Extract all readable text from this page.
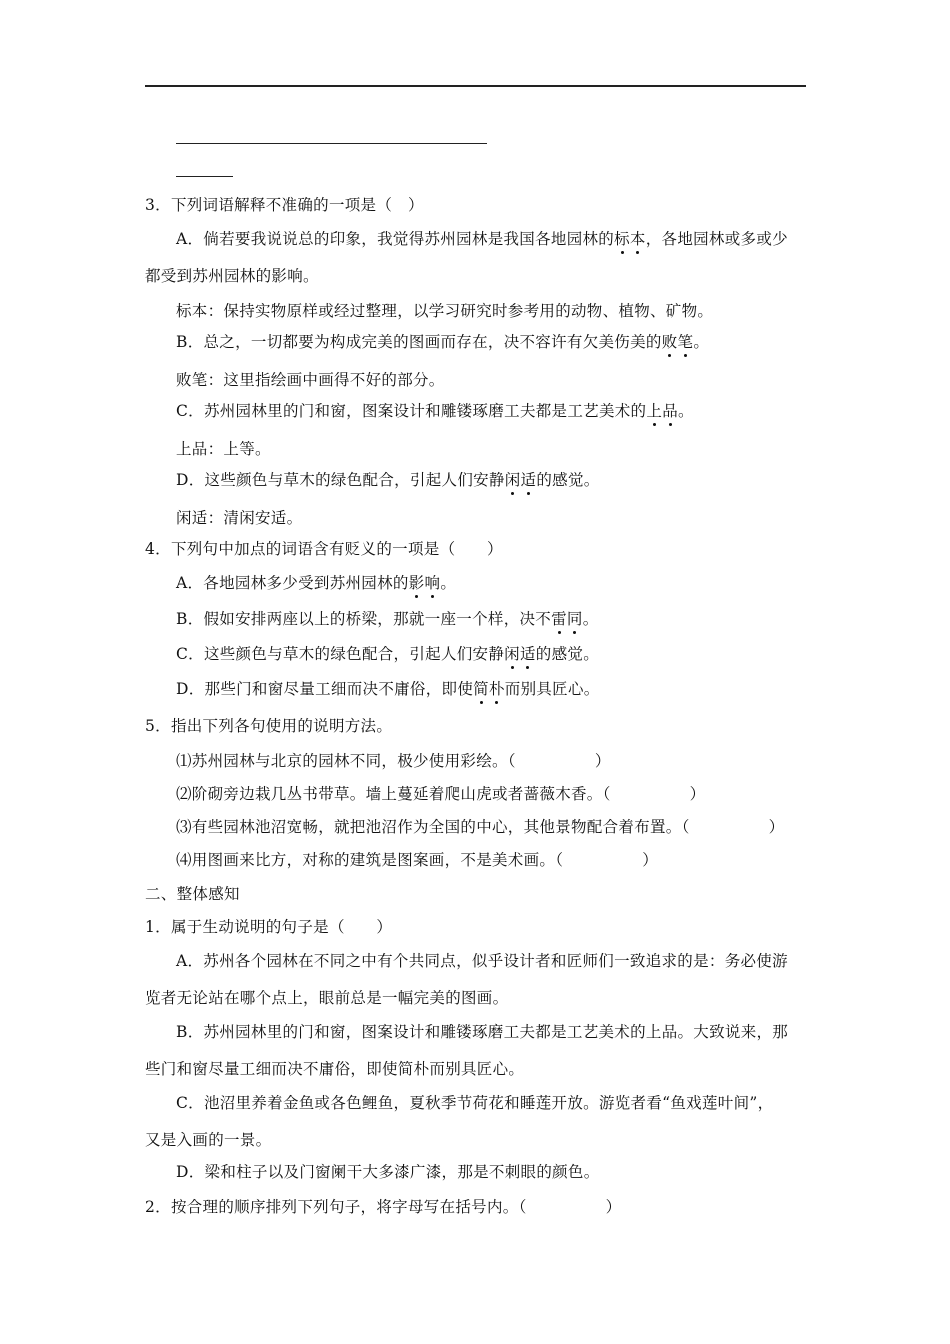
3．下列词语解释不准确的一项是（　）
A．倘若要我说说总的印象，我觉得苏州园林是我国各地园林的标本，各地园林或多或少
都受到苏州园林的影响。
标本：保持实物原样或经过整理，以学习研究时参考用的动物、植物、矿物。
B．总之，一切都要为构成完美的图画而存在，决不容许有欠美伤美的败笔。
败笔：这里指绘画中画得不好的部分。
C．苏州园林里的门和窗，图案设计和雕镂琢磨工夫都是工艺美术的上品。
上品：上等。
D．这些颜色与草木的绿色配合，引起人们安静闲适的感觉。
闲适：清闲安适。
4．下列句中加点的词语含有贬义的一项是（　　）
A．各地园林多少受到苏州园林的影响。
B．假如安排两座以上的桥梁，那就一座一个样，决不雷同。
C．这些颜色与草木的绿色配合，引起人们安静闲适的感觉。
D．那些门和窗尽量工细而决不庸俗，即使简朴而别具匠心。
5．指出下列各句使用的说明方法。
⑴苏州园林与北京的园林不同，极少使用彩绘。（　　　　　）
⑵阶砌旁边栽几丛书带草。墙上蔓延着爬山虎或者蔷薇木香。（　　　　　）
⑶有些园林池沼宽畅，就把池沼作为全国的中心，其他景物配合着布置。（　　　　　）
⑷用图画来比方，对称的建筑是图案画，不是美术画。（　　　　　）
二、整体感知
1．属于生动说明的句子是（　　）
A．苏州各个园林在不同之中有个共同点，似乎设计者和匠师们一致追求的是：务必使游
览者无论站在哪个点上，眼前总是一幅完美的图画。
B．苏州园林里的门和窗，图案设计和雕镂琢磨工夫都是工艺美术的上品。大致说来，那
些门和窗尽量工细而决不庸俗，即使简朴而别具匠心。
C．池沼里养着金鱼或各色鲤鱼，夏秋季节荷花和睡莲开放。游览者看“鱼戏莲叶间”，
又是入画的一景。
D．梁和柱子以及门窗阑干大多漆广漆，那是不刺眼的颜色。
2．按合理的顺序排列下列句子，将字母写在括号内。（　　　　　）
